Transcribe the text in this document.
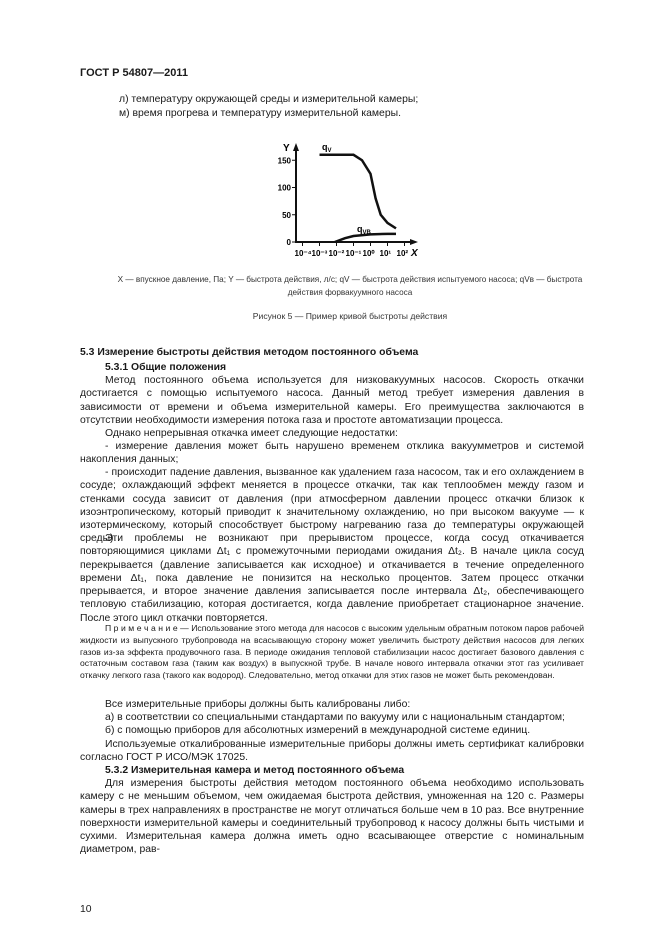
ГОСТ Р 54807—2011
л) температуру окружающей среды и измерительной камеры;
м) время прогрева и температуру измерительной камеры.
Y
X
0
50
100
150
10⁻⁴ 10⁻³ 10⁻² 10⁻¹ 10⁰ 10¹ 10²
$q_V$
$q_{VB}$
X — впускное давление, Па; Y — быстрота действия, л/с; qV — быстрота действия испытуемого насоса; qVв — быстрота
действия форвакуумного насоса
Рисунок 5 — Пример кривой быстроты действия
5.3 Измерение быстроты действия методом постоянного объема
5.3.1 Общие положения
Метод постоянного объема используется для низковакуумных насосов. Скорость откачки достигается с помощью испытуемого насоса. Данный метод требует измерения давления в зависимости от времени и объема измерительной камеры. Его преимущества заключаются в отсутствии необходимости измерения потока газа и простоте автоматизации процесса.
Однако непрерывная откачка имеет следующие недостатки:
- измерение давления может быть нарушено временем отклика вакуумметров и системой накопления данных;
- происходит падение давления, вызванное как удалением газа насосом, так и его охлаждением в сосуде; охлаждающий эффект меняется в процессе откачки, так как теплообмен между газом и стенками сосуда зависит от давления (при атмосферном давлении процесс откачки близок к изоэнтропическому, который приводит к значительному охлаждению, но при высоком вакууме — к изотермическому, который способствует быстрому нагреванию газа до температуры окружающей среды).
Эти проблемы не возникают при прерывистом процессе, когда сосуд откачивается повторяющимися циклами Δt₁ с промежуточными периодами ожидания Δt₂. В начале цикла сосуд перекрывается (давление записывается как исходное) и откачивается в течение определенного времени Δt₁, пока давление не понизится на несколько процентов. Затем процесс откачки прерывается, и второе значение давления записывается после интервала Δt₂, обеспечивающего тепловую стабилизацию, которая достигается, когда давление приобретает стационарное значение. После этого цикл откачки повторяется.
П р и м е ч а н и е — Использование этого метода для насосов с высоким удельным обратным потоком паров рабочей жидкости из выпускного трубопровода на всасывающую сторону может увеличить быстроту действия насосов для легких газов из-за эффекта продувочного газа. В периоде ожидания тепловой стабилизации насос достигает базового давления с остаточным составом газа (таким как воздух) в выпускной трубе. В начале нового интервала откачки этот газ усиливает откачку легкого газа (такого как водород). Следовательно, метод откачки для этих газов не может быть рекомендован.
Все измерительные приборы должны быть калиброваны либо:
а) в соответствии со специальными стандартами по вакууму или с национальным стандартом;
б) с помощью приборов для абсолютных измерений в международной системе единиц.
Используемые откалиброванные измерительные приборы должны иметь сертификат калибровки согласно ГОСТ Р ИСО/МЭК 17025.
5.3.2 Измерительная камера и метод постоянного объема
Для измерения быстроты действия методом постоянного объема необходимо использовать камеру с не меньшим объемом, чем ожидаемая быстрота действия, умноженная на 120 с. Размеры камеры в трех направлениях в пространстве не могут отличаться больше чем в 10 раз. Все внутренние поверхности измерительной камеры и соединительный трубопровод к насосу должны быть чистыми и сухими. Измерительная камера должна иметь одно всасывающее отверстие с номинальным диаметром, рав-
10
